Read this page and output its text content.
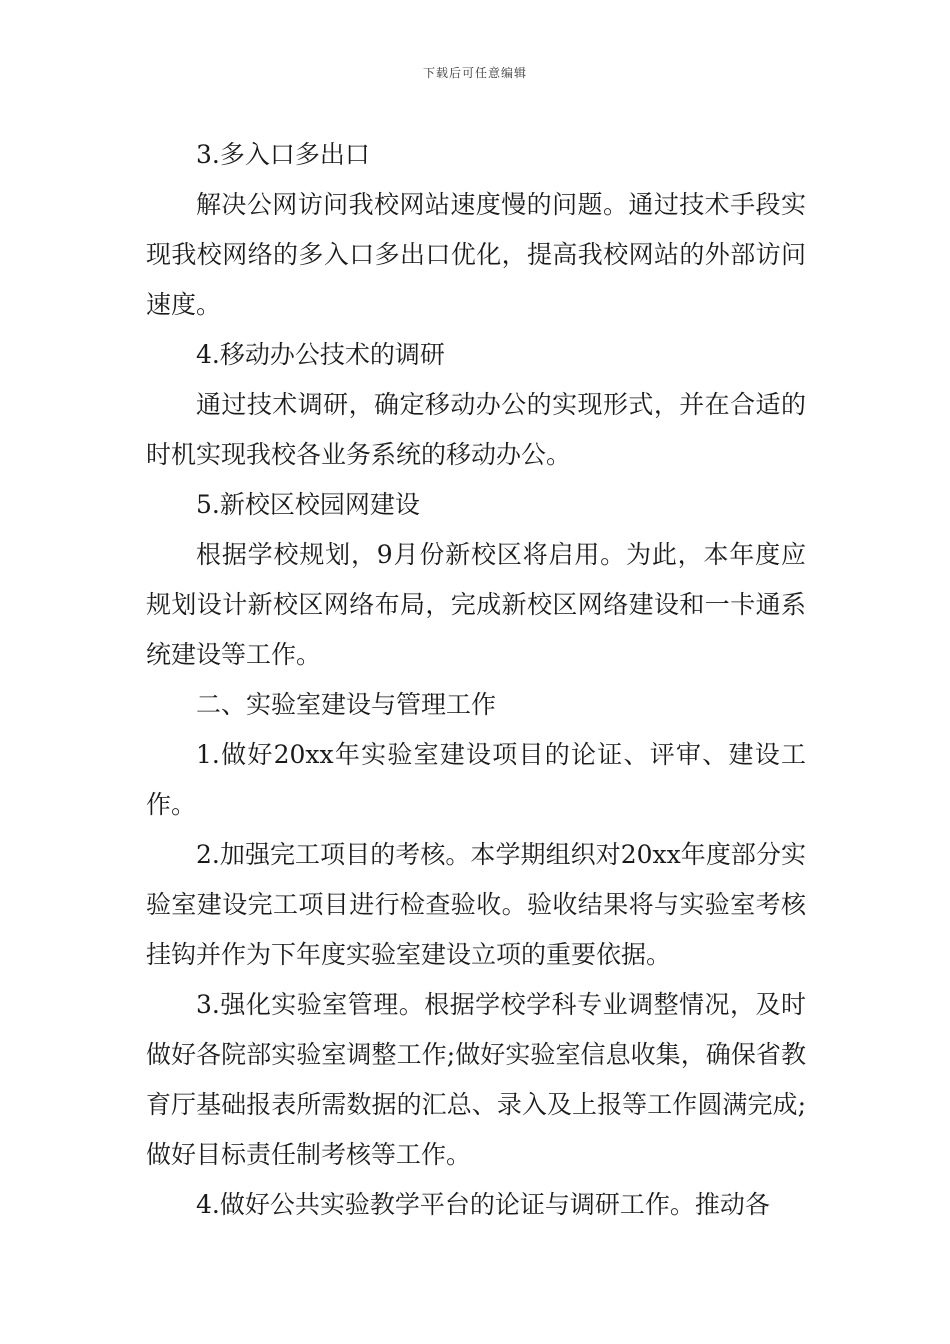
下载后可任意编辑

3.多入口多出口

解决公网访问我校网站速度慢的问题。通过技术手段实现我校网络的多入口多出口优化，提高我校网站的外部访问速度。

4.移动办公技术的调研

通过技术调研，确定移动办公的实现形式，并在合适的时机实现我校各业务系统的移动办公。

5.新校区校园网建设

根据学校规划，9月份新校区将启用。为此，本年度应规划设计新校区网络布局，完成新校区网络建设和一卡通系统建设等工作。

二、实验室建设与管理工作

1.做好20xx年实验室建设项目的论证、评审、建设工作。

2.加强完工项目的考核。本学期组织对20xx年度部分实验室建设完工项目进行检查验收。验收结果将与实验室考核挂钩并作为下年度实验室建设立项的重要依据。

3.强化实验室管理。根据学校学科专业调整情况，及时做好各院部实验室调整工作;做好实验室信息收集，确保省教育厅基础报表所需数据的汇总、录入及上报等工作圆满完成;做好目标责任制考核等工作。

4.做好公共实验教学平台的论证与调研工作。推动各
